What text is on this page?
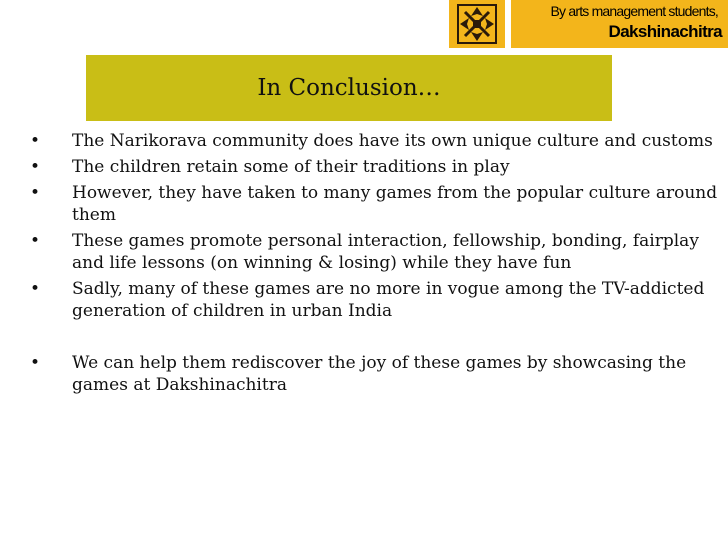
By arts management students,
Dakshinachitra
In Conclusion…
• The Narikorava community does have its own unique culture and customs
• The children retain some of their traditions in play
• However, they have taken to many games from the popular culture around them
• These games promote personal interaction, fellowship, bonding, fairplay and life lessons (on winning & losing) while they have fun
• Sadly, many of these games are no more in vogue among the TV-addicted generation of children in urban India
• We can help them rediscover the joy of these games by showcasing the games at Dakshinachitra
